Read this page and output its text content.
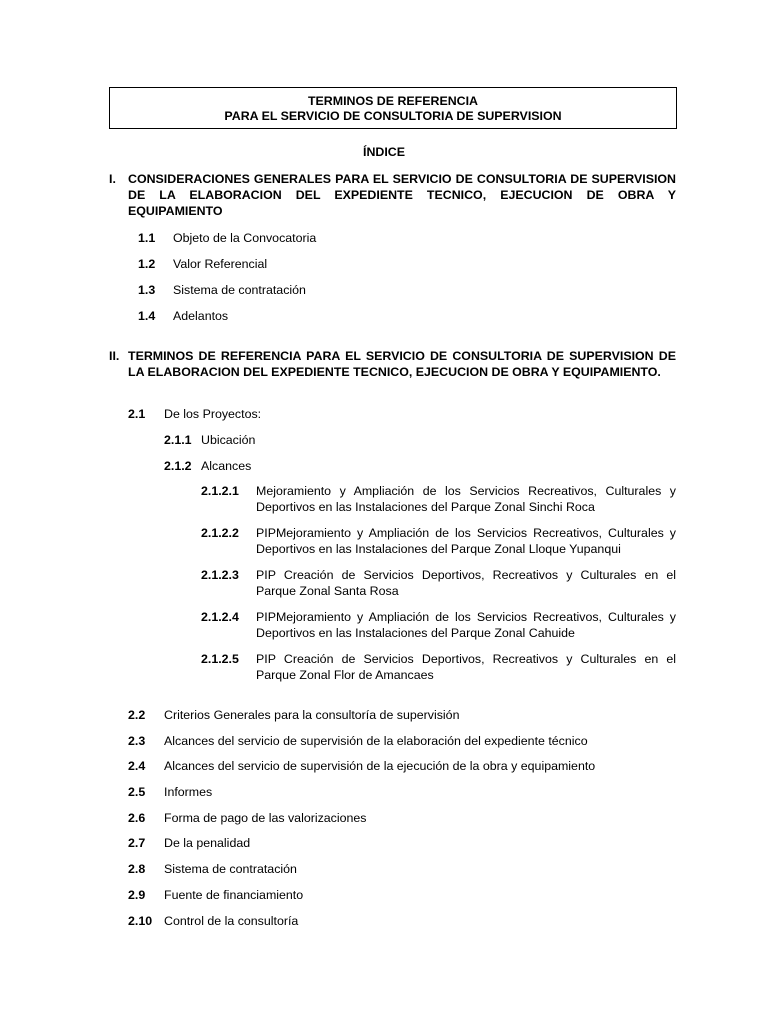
TERMINOS DE REFERENCIA
PARA EL SERVICIO DE CONSULTORIA DE SUPERVISION
ÍNDICE
I. CONSIDERACIONES GENERALES PARA EL SERVICIO DE CONSULTORIA DE SUPERVISION DE LA ELABORACION DEL EXPEDIENTE TECNICO, EJECUCION DE OBRA Y EQUIPAMIENTO
1.1 Objeto de la Convocatoria
1.2 Valor Referencial
1.3 Sistema de contratación
1.4 Adelantos
II. TERMINOS DE REFERENCIA PARA EL SERVICIO DE CONSULTORIA DE SUPERVISION DE LA ELABORACION DEL EXPEDIENTE TECNICO, EJECUCION DE OBRA Y EQUIPAMIENTO.
2.1 De los Proyectos:
2.1.1 Ubicación
2.1.2 Alcances
2.1.2.1 Mejoramiento y Ampliación de los Servicios Recreativos, Culturales y Deportivos en las Instalaciones del Parque Zonal Sinchi Roca
2.1.2.2 PIPMejoramiento y Ampliación de los Servicios Recreativos, Culturales y Deportivos en las Instalaciones del Parque Zonal Lloque Yupanqui
2.1.2.3 PIP Creación de Servicios Deportivos, Recreativos y Culturales en el Parque Zonal Santa Rosa
2.1.2.4 PIPMejoramiento y Ampliación de los Servicios Recreativos, Culturales y Deportivos en las Instalaciones del Parque Zonal Cahuide
2.1.2.5 PIP Creación de Servicios Deportivos, Recreativos y Culturales en el Parque Zonal Flor de Amancaes
2.2 Criterios Generales para la consultoría de supervisión
2.3 Alcances del servicio de supervisión de la elaboración del expediente técnico
2.4 Alcances del servicio de supervisión de la ejecución de la obra y equipamiento
2.5 Informes
2.6 Forma de pago de las valorizaciones
2.7 De la penalidad
2.8 Sistema de contratación
2.9 Fuente de financiamiento
2.10 Control de la consultoría
